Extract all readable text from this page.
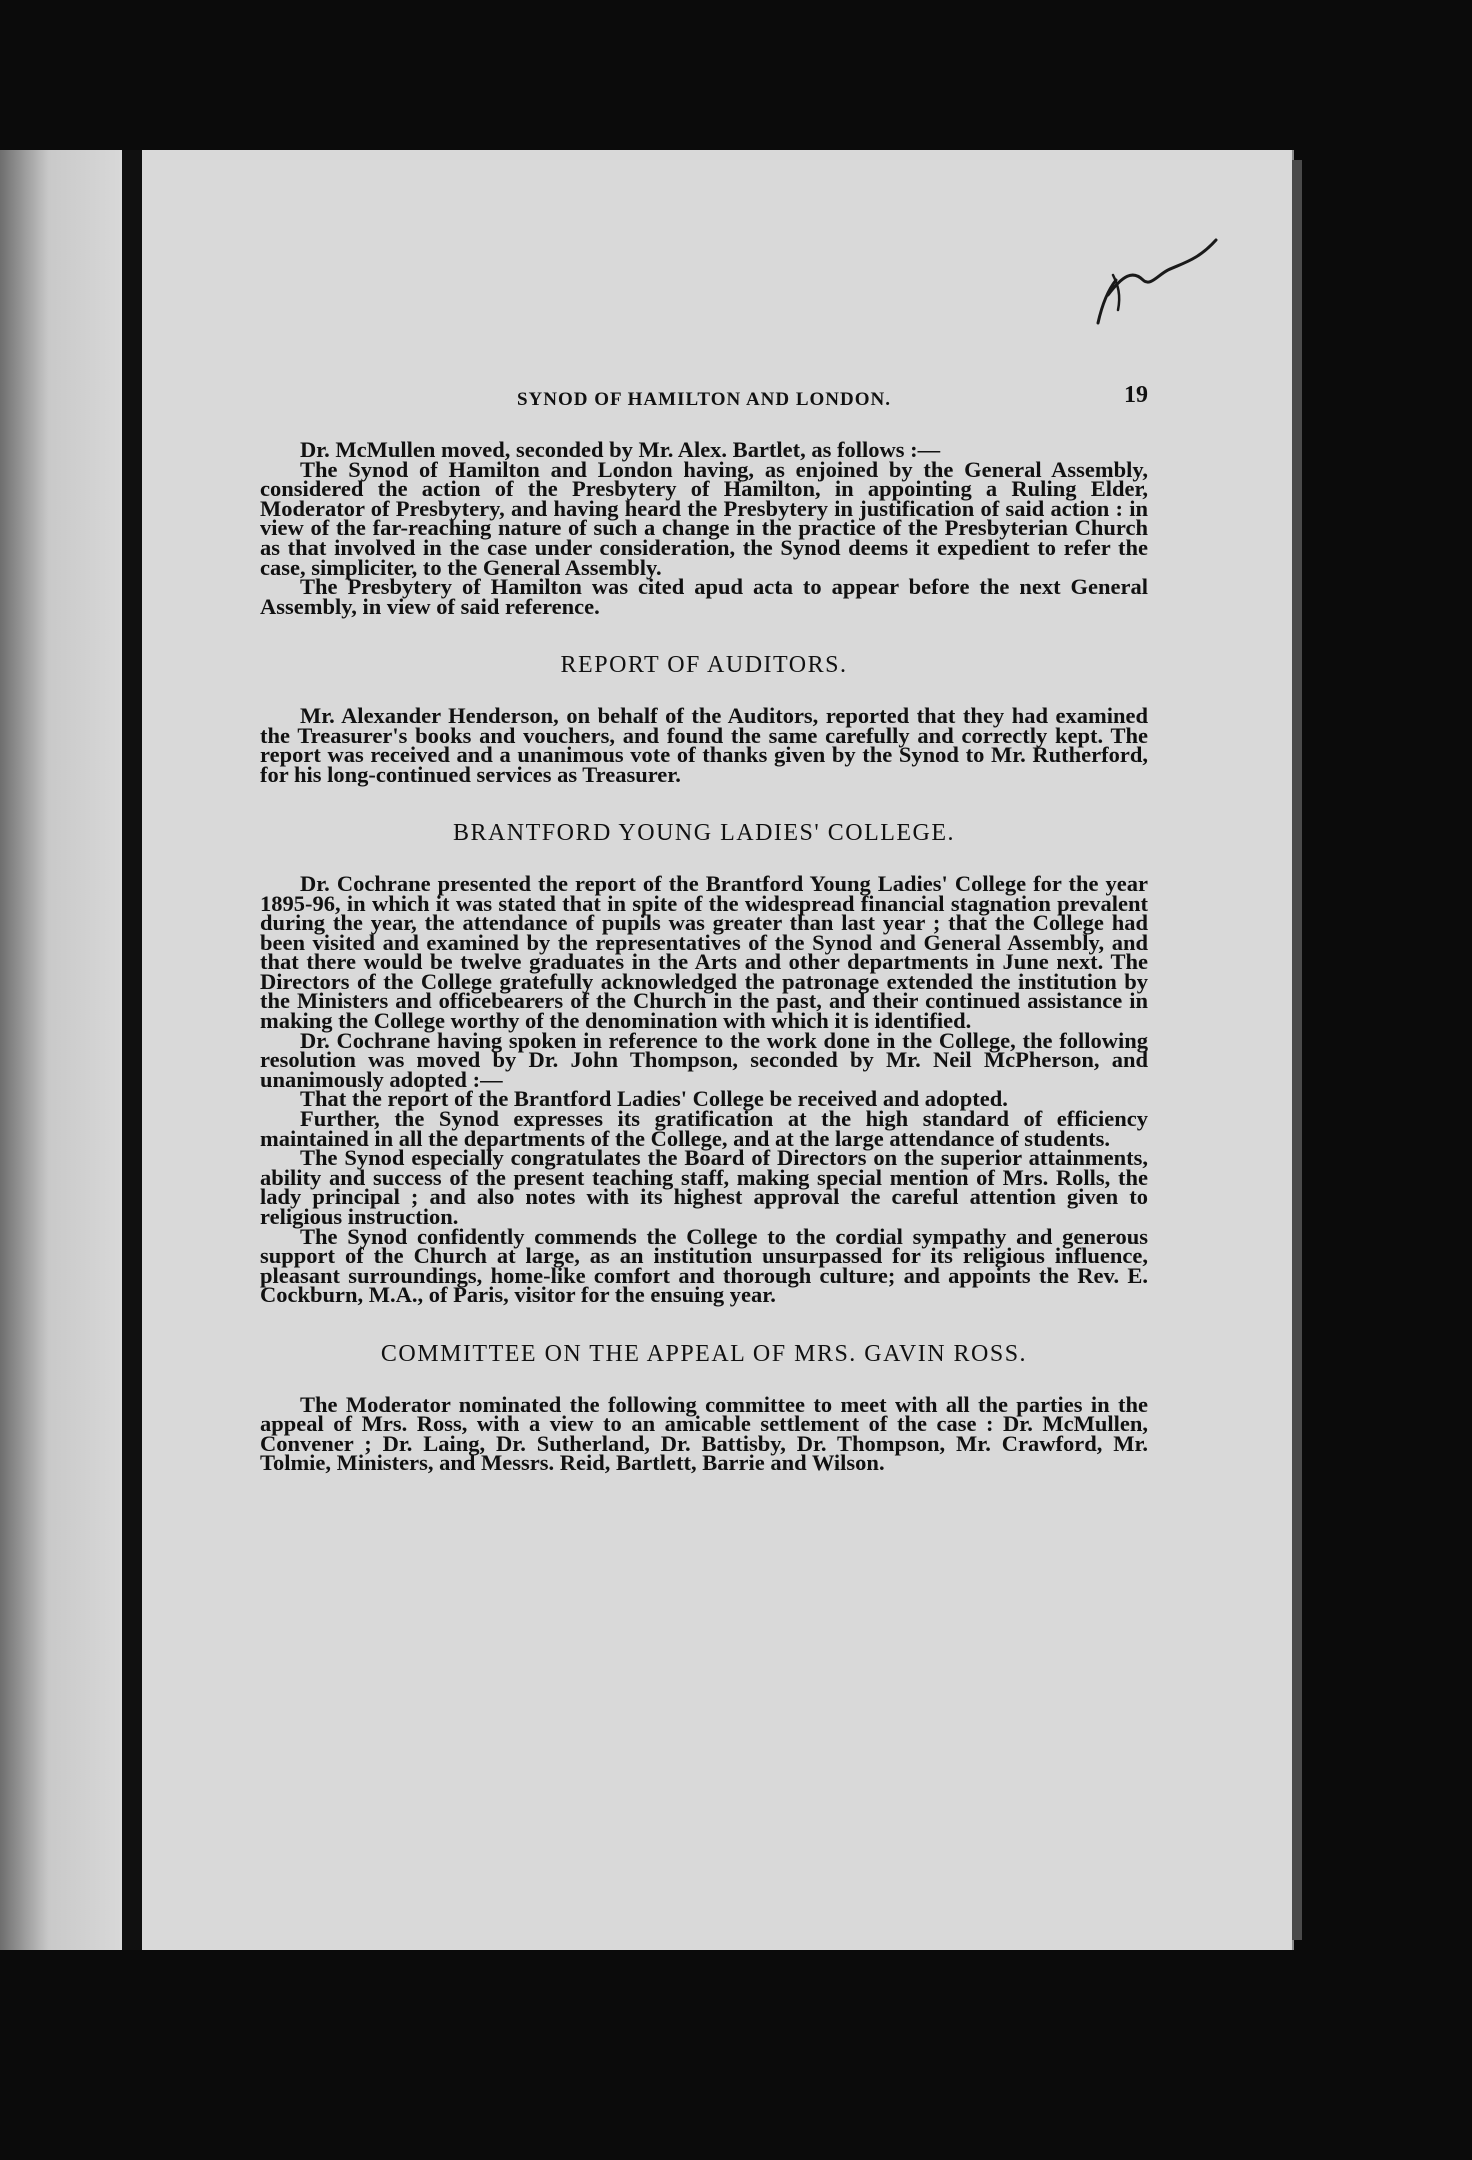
SYNOD OF HAMILTON AND LONDON.	19

Dr. McMullen moved, seconded by Mr. Alex. Bartlet, as follows :—

The Synod of Hamilton and London having, as enjoined by the General Assembly, considered the action of the Presbytery of Hamilton, in appointing a Ruling Elder, Moderator of Presbytery, and having heard the Presbytery in justification of said action : in view of the far-reaching nature of such a change in the practice of the Presbyterian Church as that involved in the case under consideration, the Synod deems it expedient to refer the case, simpliciter, to the General Assembly.

The Presbytery of Hamilton was cited apud acta to appear before the next General Assembly, in view of said reference.

REPORT OF AUDITORS.

Mr. Alexander Henderson, on behalf of the Auditors, reported that they had examined the Treasurer's books and vouchers, and found the same carefully and correctly kept. The report was received and a unanimous vote of thanks given by the Synod to Mr. Rutherford, for his long-continued services as Treasurer.

BRANTFORD YOUNG LADIES' COLLEGE.

Dr. Cochrane presented the report of the Brantford Young Ladies' College for the year 1895-96, in which it was stated that in spite of the widespread financial stagnation prevalent during the year, the attendance of pupils was greater than last year ; that the College had been visited and examined by the representatives of the Synod and General Assembly, and that there would be twelve graduates in the Arts and other departments in June next. The Directors of the College gratefully acknowledged the patronage extended the institution by the Ministers and officebearers of the Church in the past, and their continued assistance in making the College worthy of the denomination with which it is identified.

Dr. Cochrane having spoken in reference to the work done in the College, the following resolution was moved by Dr. John Thompson, seconded by Mr. Neil McPherson, and unanimously adopted :—

That the report of the Brantford Ladies' College be received and adopted.

Further, the Synod expresses its gratification at the high standard of efficiency maintained in all the departments of the College, and at the large attendance of students.

The Synod especially congratulates the Board of Directors on the superior attainments, ability and success of the present teaching staff, making special mention of Mrs. Rolls, the lady principal ; and also notes with its highest approval the careful attention given to religious instruction.

The Synod confidently commends the College to the cordial sympathy and generous support of the Church at large, as an institution unsurpassed for its religious influence, pleasant surroundings, home-like comfort and thorough culture; and appoints the Rev. E. Cockburn, M.A., of Paris, visitor for the ensuing year.

COMMITTEE ON THE APPEAL OF MRS. GAVIN ROSS.

The Moderator nominated the following committee to meet with all the parties in the appeal of Mrs. Ross, with a view to an amicable settlement of the case : Dr. McMullen, Convener ; Dr. Laing, Dr. Sutherland, Dr. Battisby, Dr. Thompson, Mr. Crawford, Mr. Tolmie, Ministers, and Messrs. Reid, Bartlett, Barrie and Wilson.
